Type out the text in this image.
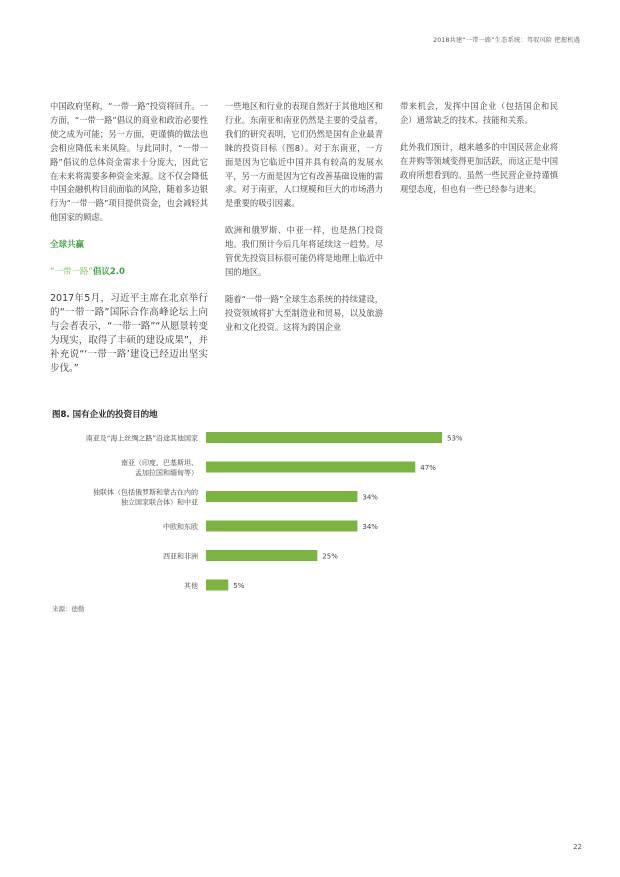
2018共建“一带一路”生态系统：驾驭风险 把握机遇

中国政府坚称，“一带一路”投资将回升。一方面，“一带一路”倡议的商业和政治必要性使之成为可能；另一方面，更谨慎的做法也会相应降低未来风险。与此同时，“一带一路”倡议的总体资金需求十分庞大，因此它在未来将需要多种资金来源。这不仅会降低中国金融机构目前面临的风险，随着多边银行为“一带一路”项目提供资金，也会减轻其他国家的顾虑。

全球共赢

“一带一路”倡议2.0

2017年5月，习近平主席在北京举行的“一带一路”国际合作高峰论坛上向与会者表示，“一带一路”“从愿景转变为现实，取得了丰硕的建设成果”，并补充说“‘一带一路’建设已经迈出坚实步伐。”

一些地区和行业的表现自然好于其他地区和行业。东南亚和南亚仍然是主要的受益者，我们的研究表明，它们仍然是国有企业最青睐的投资目标（图8）。对于东南亚，一方面是因为它临近中国并具有较高的发展水平，另一方面是因为它有改善基础设施的需求。对于南亚，人口规模和巨大的市场潜力是重要的吸引因素。

欧洲和俄罗斯、中亚一样，也是热门投资地。我们预计今后几年将延续这一趋势。尽管优先投资目标很可能仍将是地理上临近中国的地区。

随着“一带一路”全球生态系统的持续建设，投资领域将扩大至制造业和贸易，以及旅游业和文化投资。这将为跨国企业

带来机会，发挥中国企业（包括国企和民企）通常缺乏的技术、技能和关系。

此外我们预计，越来越多的中国民营企业将在并购等领域变得更加活跃，而这正是中国政府所想看到的。虽然一些民营企业持谨慎观望态度，但也有一些已经参与进来。

图8. 国有企业的投资目的地
53%
南亚及“海上丝绸之路”沿途其他国家
47%
南亚（印度、巴基斯坦、
孟加拉国和缅甸等）
34%
独联体（包括俄罗斯和蒙古在内的
独立国家联合体）和中亚
34%
中欧和东欧
25%
西亚和非洲
5%
其他
来源：德勤
22
